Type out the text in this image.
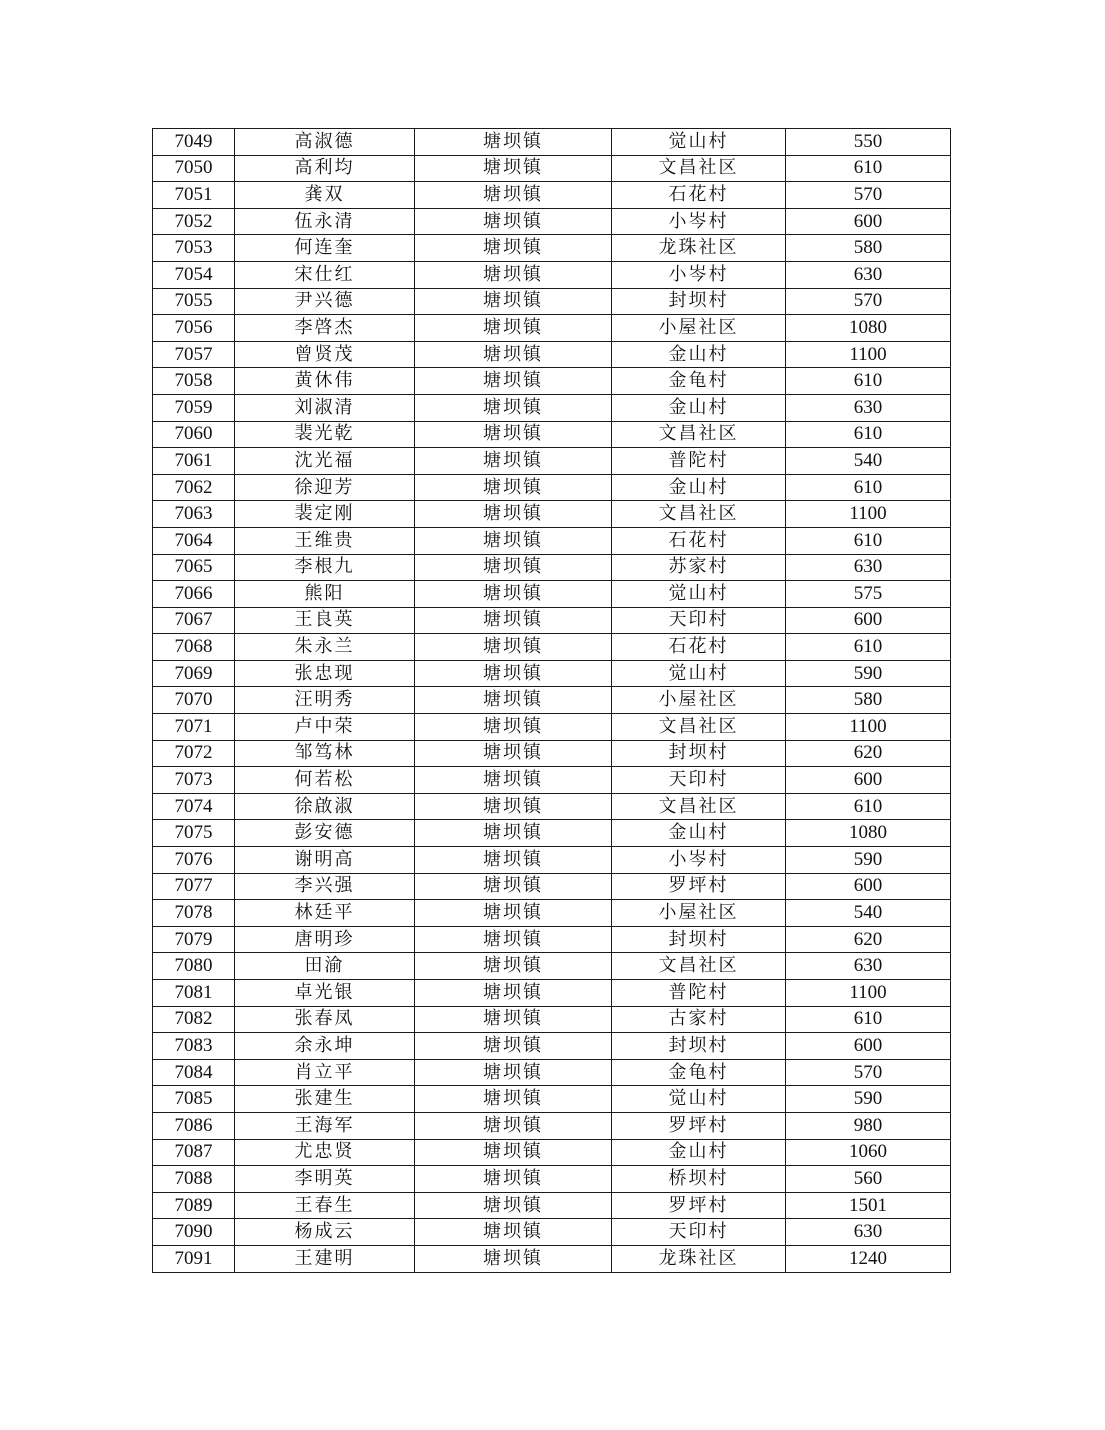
7049	高淑德	塘坝镇	觉山村	550
7050	高利均	塘坝镇	文昌社区	610
7051	龚双	塘坝镇	石花村	570
7052	伍永清	塘坝镇	小岑村	600
7053	何连奎	塘坝镇	龙珠社区	580
7054	宋仕红	塘坝镇	小岑村	630
7055	尹兴德	塘坝镇	封坝村	570
7056	李啓杰	塘坝镇	小屋社区	1080
7057	曾贤茂	塘坝镇	金山村	1100
7058	黄休伟	塘坝镇	金龟村	610
7059	刘淑清	塘坝镇	金山村	630
7060	裴光乾	塘坝镇	文昌社区	610
7061	沈光福	塘坝镇	普陀村	540
7062	徐迎芳	塘坝镇	金山村	610
7063	裴定刚	塘坝镇	文昌社区	1100
7064	王维贵	塘坝镇	石花村	610
7065	李根九	塘坝镇	苏家村	630
7066	熊阳	塘坝镇	觉山村	575
7067	王良英	塘坝镇	天印村	600
7068	朱永兰	塘坝镇	石花村	610
7069	张忠现	塘坝镇	觉山村	590
7070	汪明秀	塘坝镇	小屋社区	580
7071	卢中荣	塘坝镇	文昌社区	1100
7072	邹笃林	塘坝镇	封坝村	620
7073	何若松	塘坝镇	天印村	600
7074	徐啟淑	塘坝镇	文昌社区	610
7075	彭安德	塘坝镇	金山村	1080
7076	谢明高	塘坝镇	小岑村	590
7077	李兴强	塘坝镇	罗坪村	600
7078	林廷平	塘坝镇	小屋社区	540
7079	唐明珍	塘坝镇	封坝村	620
7080	田渝	塘坝镇	文昌社区	630
7081	卓光银	塘坝镇	普陀村	1100
7082	张春凤	塘坝镇	古家村	610
7083	余永坤	塘坝镇	封坝村	600
7084	肖立平	塘坝镇	金龟村	570
7085	张建生	塘坝镇	觉山村	590
7086	王海军	塘坝镇	罗坪村	980
7087	尤忠贤	塘坝镇	金山村	1060
7088	李明英	塘坝镇	桥坝村	560
7089	王春生	塘坝镇	罗坪村	1501
7090	杨成云	塘坝镇	天印村	630
7091	王建明	塘坝镇	龙珠社区	1240
